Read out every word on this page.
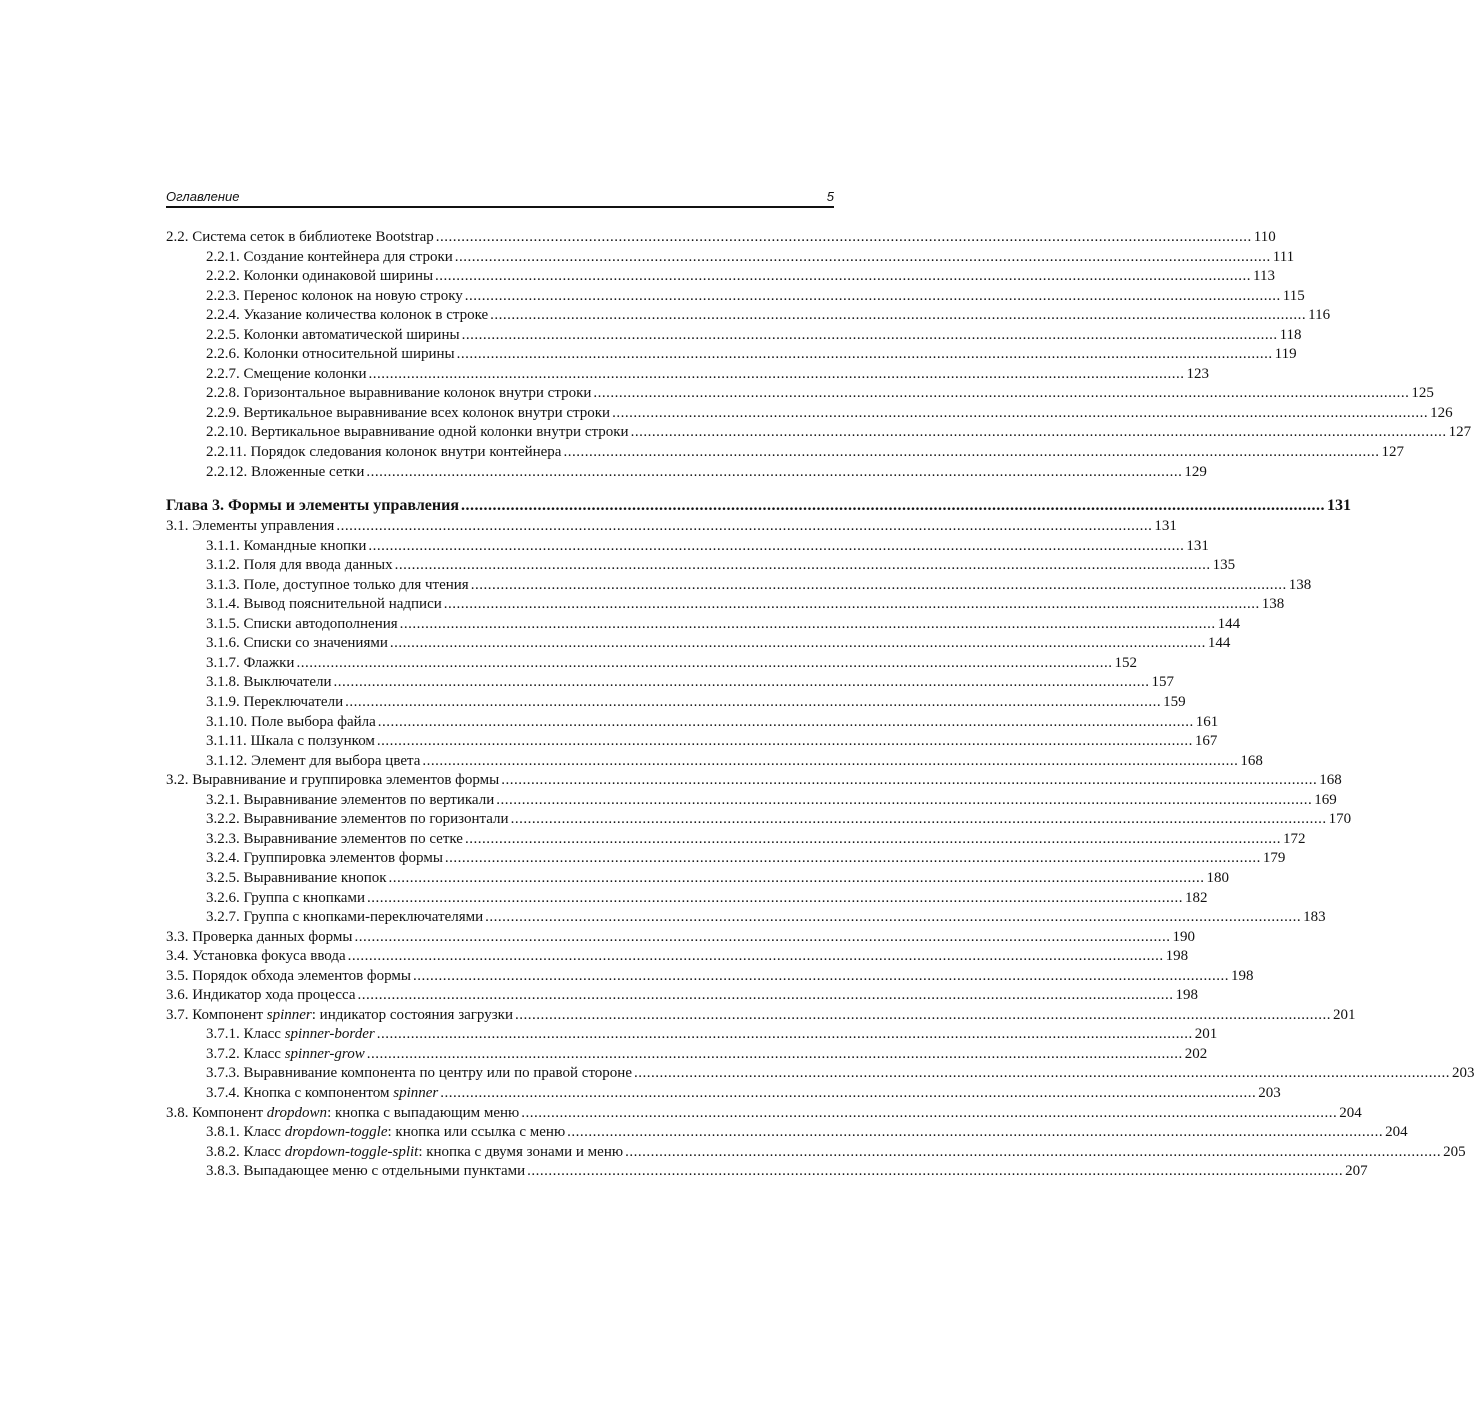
Оглавление	5
2.2. Система сеток в библиотеке Bootstrap .....	110
2.2.1. Создание контейнера для строки .....	111
2.2.2. Колонки одинаковой ширины .....	113
2.2.3. Перенос колонок на новую строку .....	115
2.2.4. Указание количества колонок в строке .....	116
2.2.5. Колонки автоматической ширины .....	118
2.2.6. Колонки относительной ширины .....	119
2.2.7. Смещение колонки .....	123
2.2.8. Горизонтальное выравнивание колонок внутри строки .....	125
2.2.9. Вертикальное выравнивание всех колонок внутри строки .....	126
2.2.10. Вертикальное выравнивание одной колонки внутри строки .....	127
2.2.11. Порядок следования колонок внутри контейнера .....	127
2.2.12. Вложенные сетки .....	129
Глава 3. Формы и элементы управления .....	131
3.1. Элементы управления .....	131
3.1.1. Командные кнопки .....	131
3.1.2. Поля для ввода данных .....	135
3.1.3. Поле, доступное только для чтения .....	138
3.1.4. Вывод пояснительной надписи .....	138
3.1.5. Списки автодополнения .....	144
3.1.6. Списки со значениями .....	144
3.1.7. Флажки .....	152
3.1.8. Выключатели .....	157
3.1.9. Переключатели .....	159
3.1.10. Поле выбора файла .....	161
3.1.11. Шкала с ползунком .....	167
3.1.12. Элемент для выбора цвета .....	168
3.2. Выравнивание и группировка элементов формы .....	168
3.2.1. Выравнивание элементов по вертикали .....	169
3.2.2. Выравнивание элементов по горизонтали .....	170
3.2.3. Выравнивание элементов по сетке .....	172
3.2.4. Группировка элементов формы .....	179
3.2.5. Выравнивание кнопок .....	180
3.2.6. Группа с кнопками .....	182
3.2.7. Группа с кнопками-переключателями .....	183
3.3. Проверка данных формы .....	190
3.4. Установка фокуса ввода .....	198
3.5. Порядок обхода элементов формы .....	198
3.6. Индикатор хода процесса .....	198
3.7. Компонент spinner: индикатор состояния загрузки .....	201
3.7.1. Класс spinner-border .....	201
3.7.2. Класс spinner-grow .....	202
3.7.3. Выравнивание компонента по центру или по правой стороне .....	203
3.7.4. Кнопка с компонентом spinner .....	203
3.8. Компонент dropdown: кнопка с выпадающим меню .....	204
3.8.1. Класс dropdown-toggle: кнопка или ссылка с меню .....	204
3.8.2. Класс dropdown-toggle-split: кнопка с двумя зонами и меню .....	205
3.8.3. Выпадающее меню с отдельными пунктами .....	207
